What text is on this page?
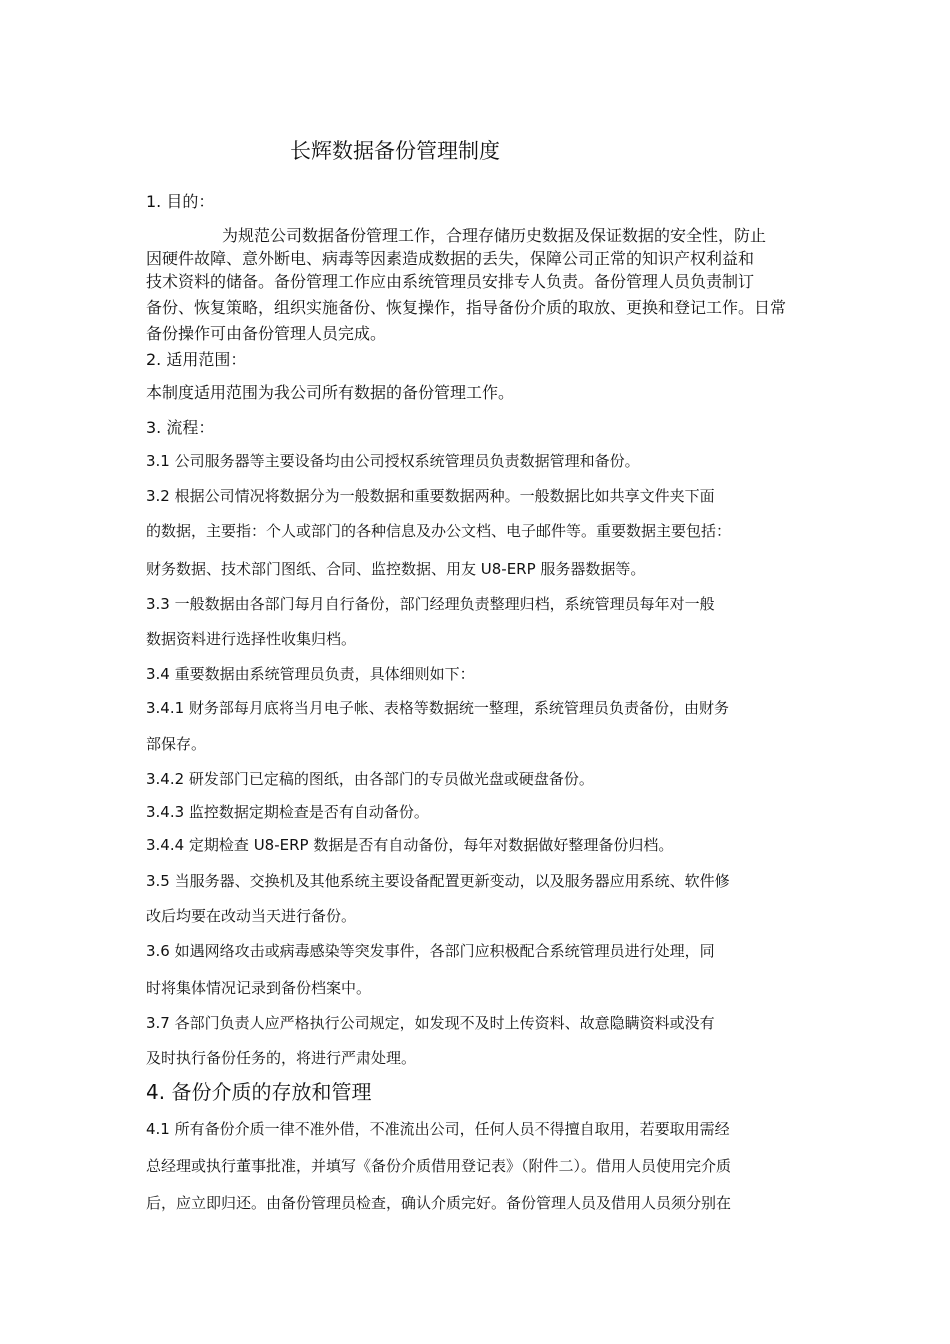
长辉数据备份管理制度
1. 目的：
为规范公司数据备份管理工作，合理存储历史数据及保证数据的安全性，防止
因硬件故障、意外断电、病毒等因素造成数据的丢失，保障公司正常的知识产权利益和
技术资料的储备。备份管理工作应由系统管理员安排专人负责。备份管理人员负责制订
备份、恢复策略，组织实施备份、恢复操作，指导备份介质的取放、更换和登记工作。日常
备份操作可由备份管理人员完成。
2. 适用范围：
本制度适用范围为我公司所有数据的备份管理工作。
3. 流程：
3.1 公司服务器等主要设备均由公司授权系统管理员负责数据管理和备份。
3.2 根据公司情况将数据分为一般数据和重要数据两种。一般数据比如共享文件夹下面
的数据，主要指：个人或部门的各种信息及办公文档、电子邮件等。重要数据主要包括：
财务数据、技术部门图纸、合同、监控数据、用友 U8-ERP 服务器数据等。
3.3 一般数据由各部门每月自行备份，部门经理负责整理归档，系统管理员每年对一般
数据资料进行选择性收集归档。
3.4 重要数据由系统管理员负责，具体细则如下：
3.4.1 财务部每月底将当月电子帐、表格等数据统一整理，系统管理员负责备份，由财务
部保存。
3.4.2 研发部门已定稿的图纸，由各部门的专员做光盘或硬盘备份。
3.4.3 监控数据定期检查是否有自动备份。
3.4.4 定期检查 U8-ERP 数据是否有自动备份，每年对数据做好整理备份归档。
3.5 当服务器、交换机及其他系统主要设备配置更新变动，以及服务器应用系统、软件修
改后均要在改动当天进行备份。
3.6 如遇网络攻击或病毒感染等突发事件，各部门应积极配合系统管理员进行处理，同
时将集体情况记录到备份档案中。
3.7 各部门负责人应严格执行公司规定，如发现不及时上传资料、故意隐瞒资料或没有
及时执行备份任务的，将进行严肃处理。
4. 备份介质的存放和管理
4.1 所有备份介质一律不准外借，不准流出公司，任何人员不得擅自取用，若要取用需经
总经理或执行董事批准，并填写《备份介质借用登记表》（附件二）。借用人员使用完介质
后，应立即归还。由备份管理员检查，确认介质完好。备份管理人员及借用人员须分别在
